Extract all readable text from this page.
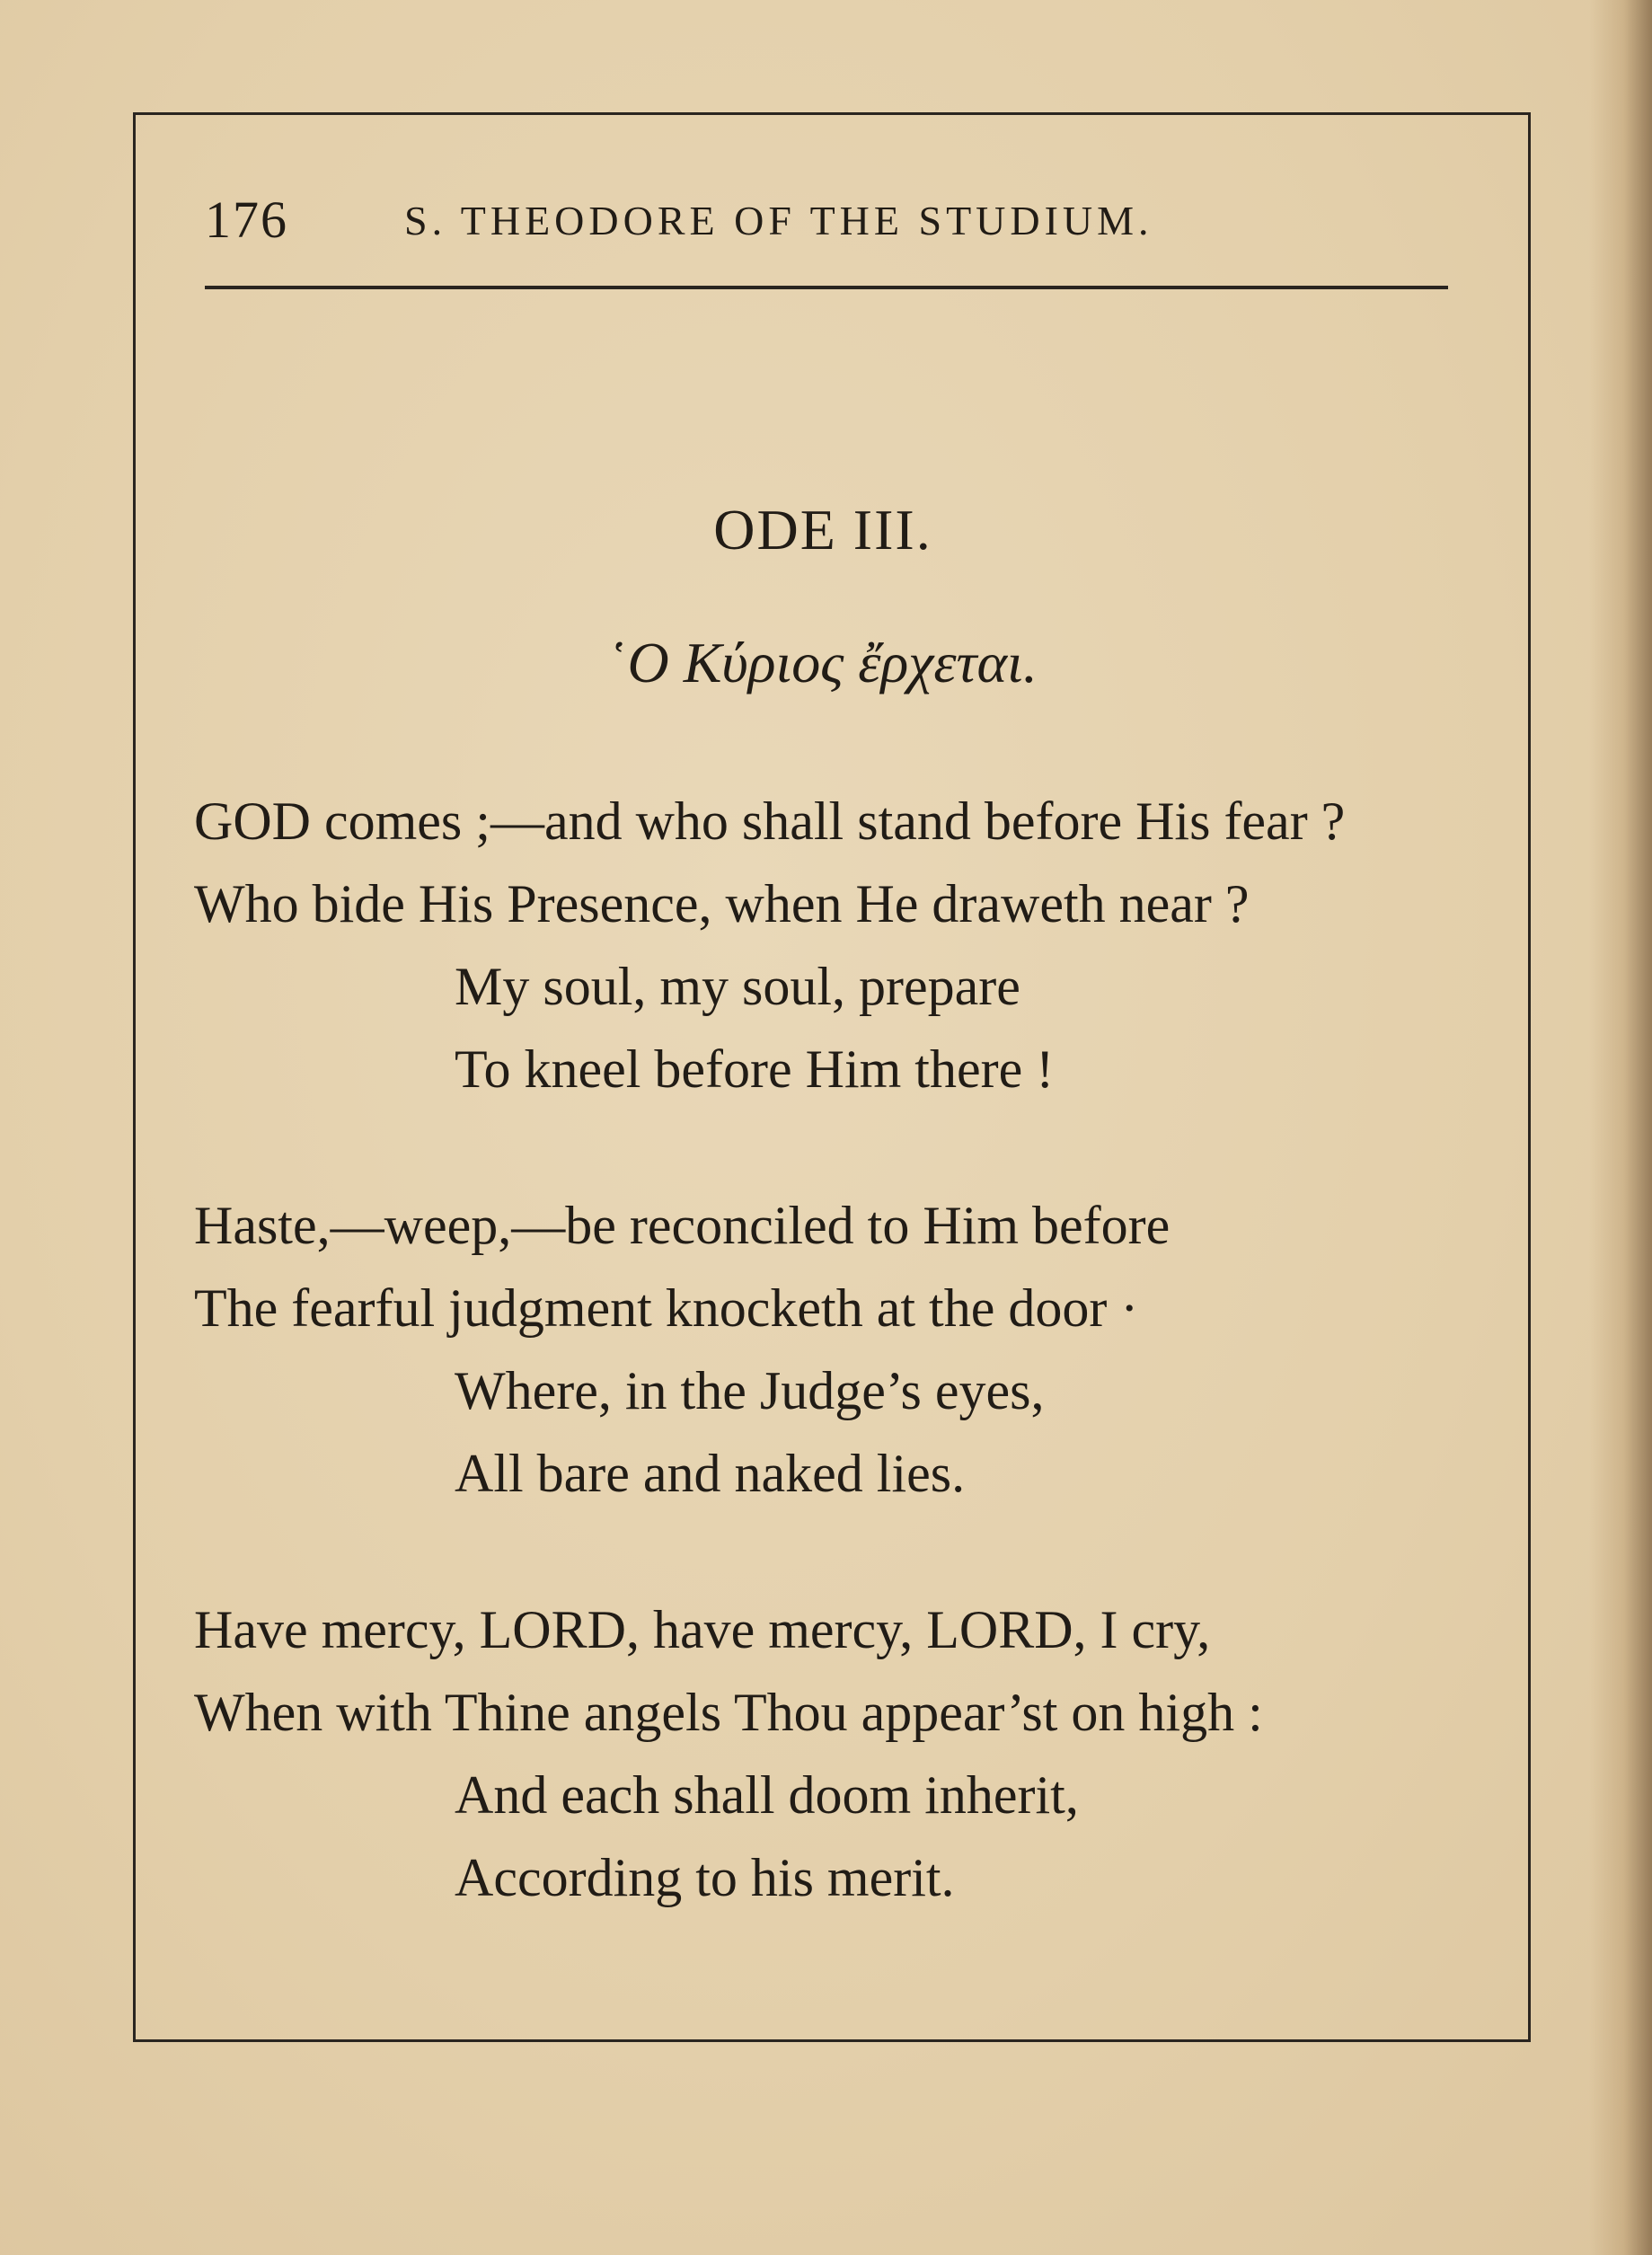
176	S. THEODORE OF THE STUDIUM.
ODE III.
῾Ο Κύριος ἔρχεται.
GOD comes ;—and who shall stand before His fear ?
Who bide His Presence, when He draweth near ?
My soul, my soul, prepare
To kneel before Him there !
Haste,—weep,—be reconciled to Him before
The fearful judgment knocketh at the door ·
Where, in the Judge’s eyes,
All bare and naked lies.
Have mercy, LORD, have mercy, LORD, I cry,
When with Thine angels Thou appear’st on high :
And each shall doom inherit,
According to his merit.
